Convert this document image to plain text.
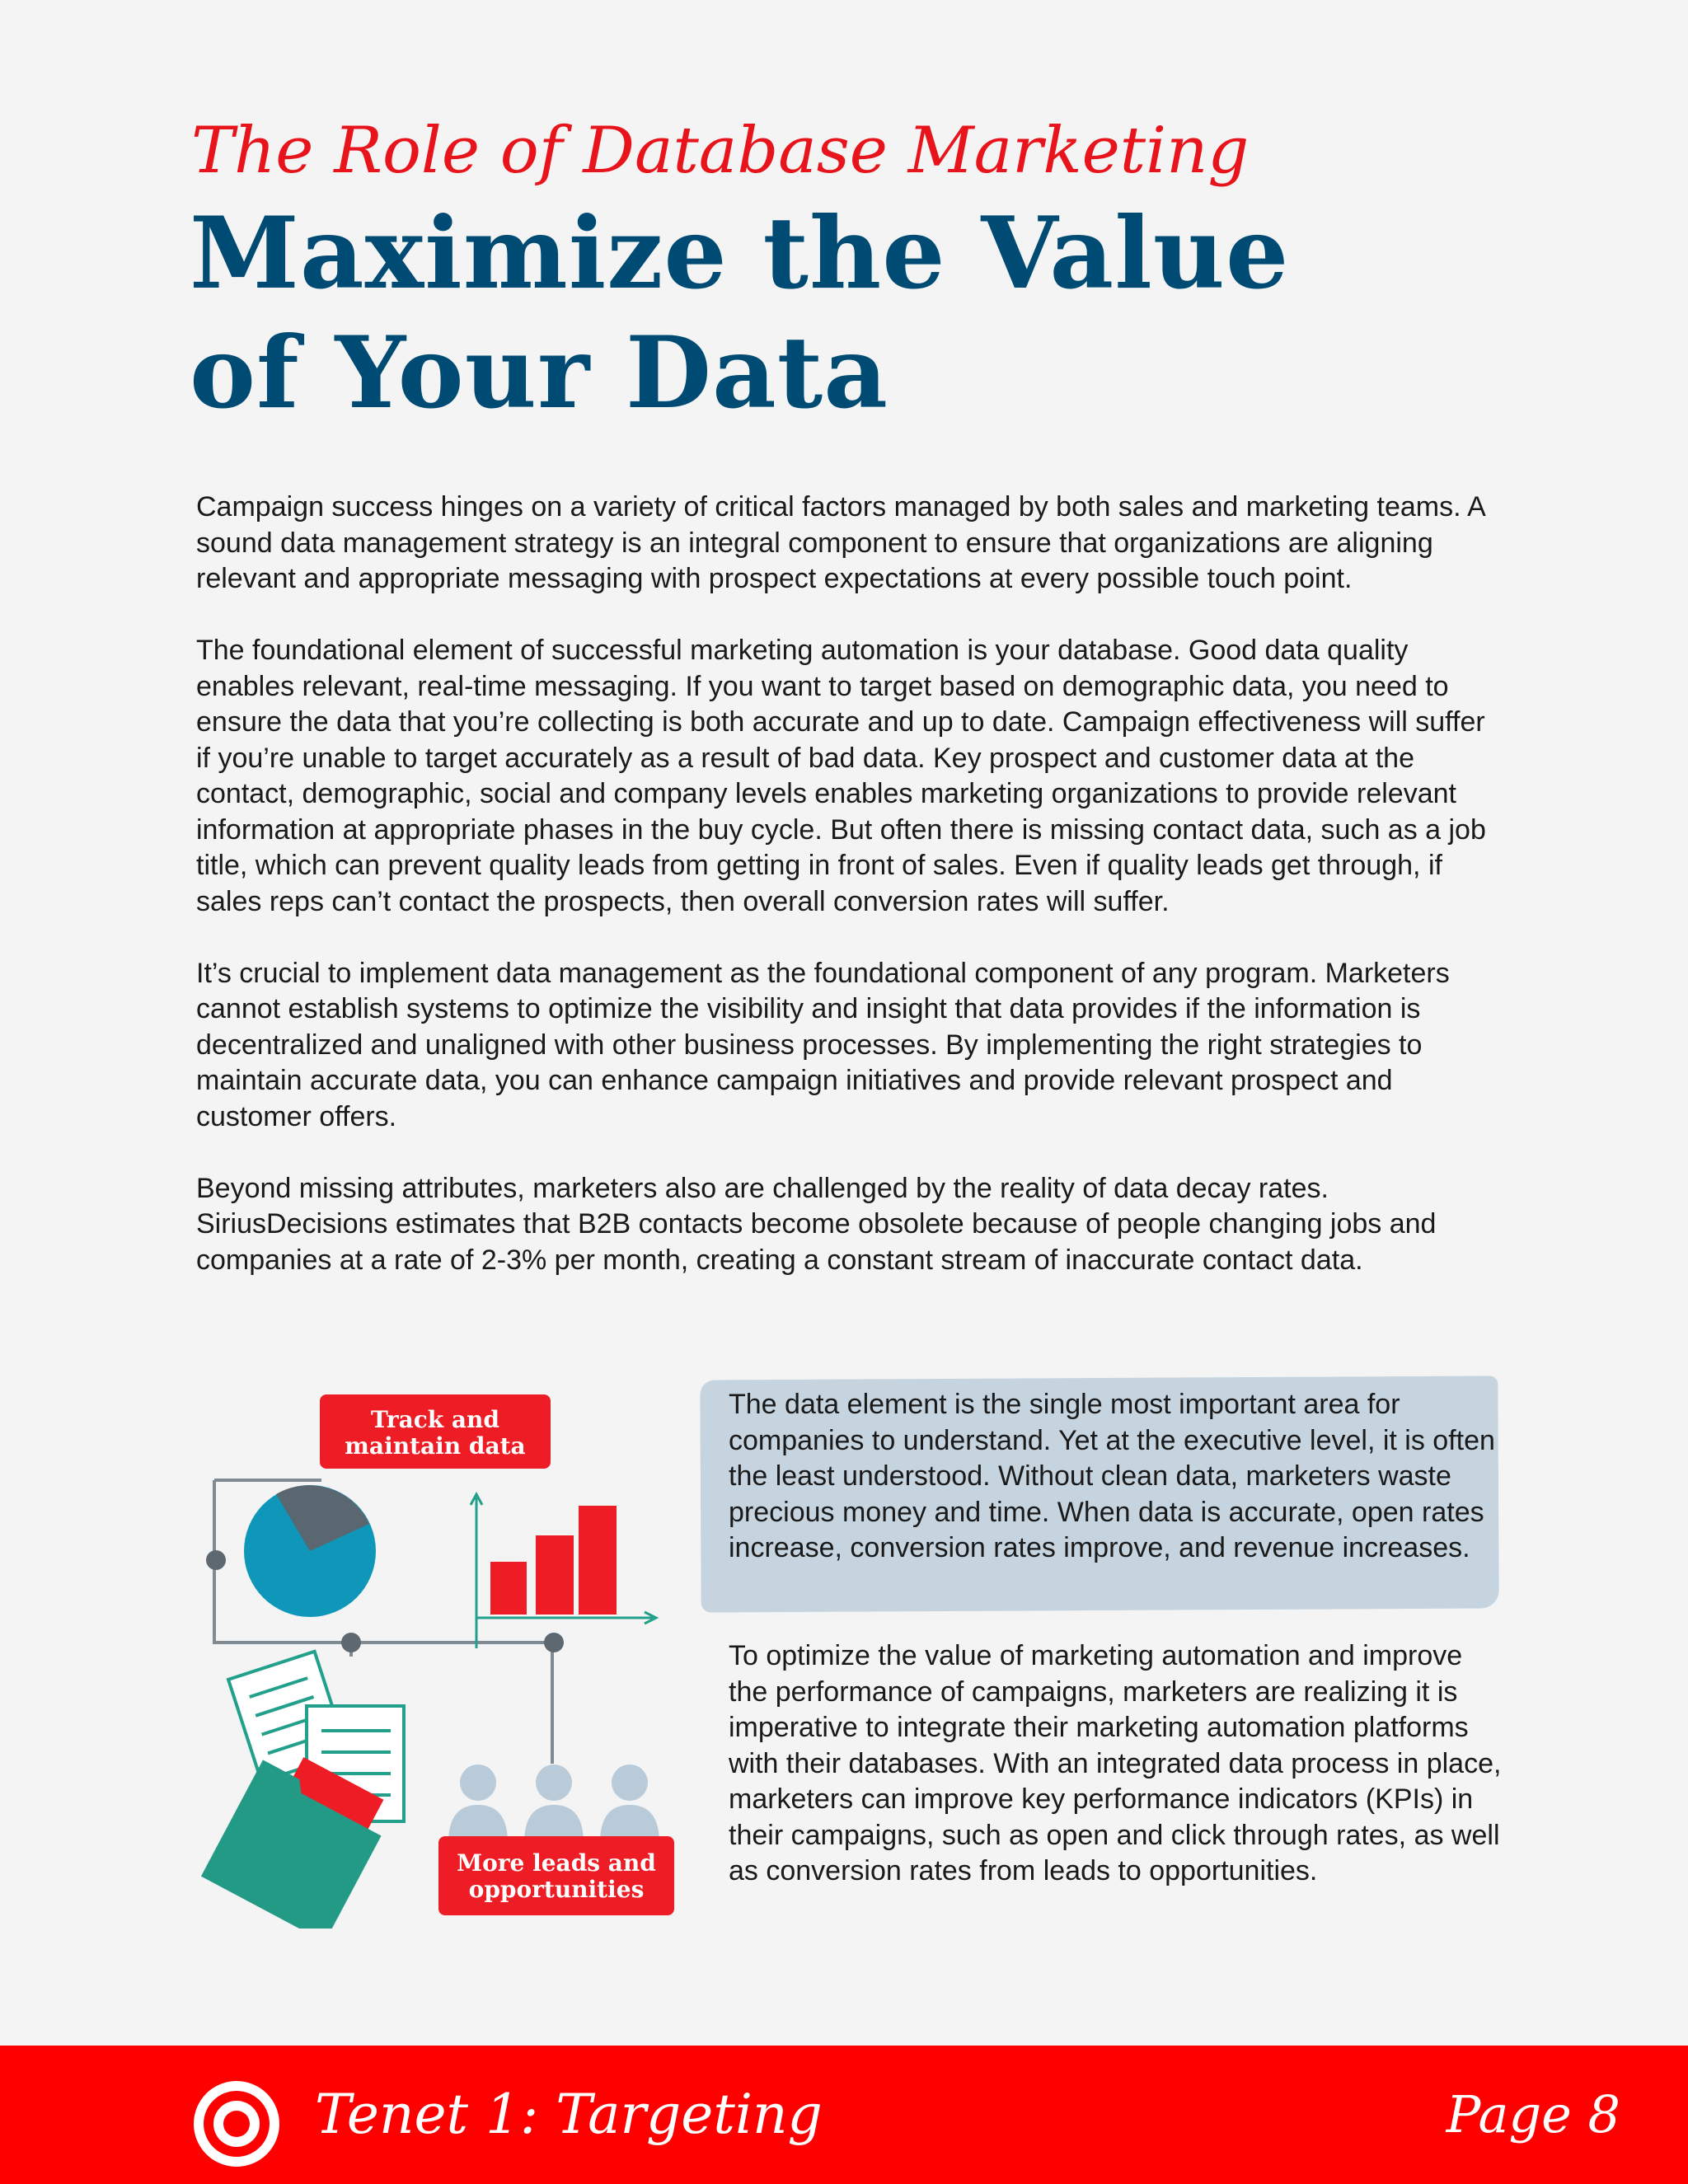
The Role of Database Marketing
Maximize the Value
of Your Data

Campaign success hinges on a variety of critical factors managed by both sales and marketing teams. A sound data management strategy is an integral component to ensure that organizations are aligning relevant and appropriate messaging with prospect expectations at every possible touch point.

The foundational element of successful marketing automation is your database. Good data quality enables relevant, real-time messaging. If you want to target based on demographic data, you need to ensure the data that you’re collecting is both accurate and up to date. Campaign effectiveness will suffer if you’re unable to target accurately as a result of bad data. Key prospect and customer data at the contact, demographic, social and company levels enables marketing organizations to provide relevant information at appropriate phases in the buy cycle. But often there is missing contact data, such as a job title, which can prevent quality leads from getting in front of sales. Even if quality leads get through, if sales reps can’t contact the prospects, then overall conversion rates will suffer.

It’s crucial to implement data management as the foundational component of any program. Marketers cannot establish systems to optimize the visibility and insight that data provides if the information is decentralized and unaligned with other business processes. By implementing the right strategies to maintain accurate data, you can enhance campaign initiatives and provide relevant prospect and customer offers.

Beyond missing attributes, marketers also are challenged by the reality of data decay rates. SiriusDecisions estimates that B2B contacts become obsolete because of people changing jobs and companies at a rate of 2-3% per month, creating a constant stream of inaccurate contact data.

Track and
maintain data
More leads and
opportunities
The data element is the single most important area for companies to understand. Yet at the executive level, it is often the least understood. Without clean data, marketers waste precious money and time. When data is accurate, open rates increase, conversion rates improve, and revenue increases.
To optimize the value of marketing automation and improve the performance of campaigns, marketers are realizing it is imperative to integrate their marketing automation platforms with their databases. With an integrated data process in place, marketers can improve key performance indicators (KPIs) in their campaigns, such as open and click through rates, as well as conversion rates from leads to opportunities.
Tenet 1: Targeting	Page 8
